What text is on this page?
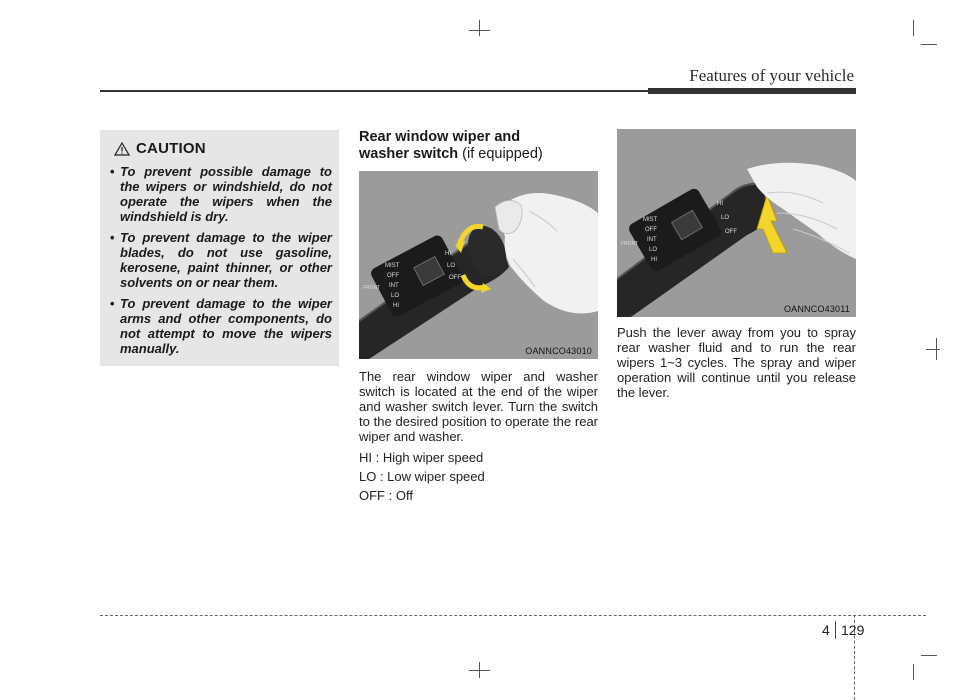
Features of your vehicle
CAUTION
• To prevent possible damage to the wipers or windshield, do not operate the wipers when the windshield is dry.
• To prevent damage to the wiper blades, do not use gasoline, kerosene, paint thinner, or other solvents on or near them.
• To prevent damage to the wiper arms and other components, do not attempt to move the wipers manually.
Rear window wiper and
washer switch (if equipped)
FRONT
MIST
OFF
INT
LO
HI
HI
LO
OFF
OANNCO43010
The rear window wiper and washer switch is located at the end of the wiper and washer switch lever. Turn the switch to the desired position to operate the rear wiper and washer.
HI : High wiper speed
LO : Low wiper speed
OFF : Off
FRONT
MIST
OFF
INT
LO
HI
HI
LO
OFF
OANNCO43011
Push the lever away from you to spray rear washer fluid and to run the rear wipers 1~3 cycles. The spray and wiper operation will continue until you release the lever.
4 129
